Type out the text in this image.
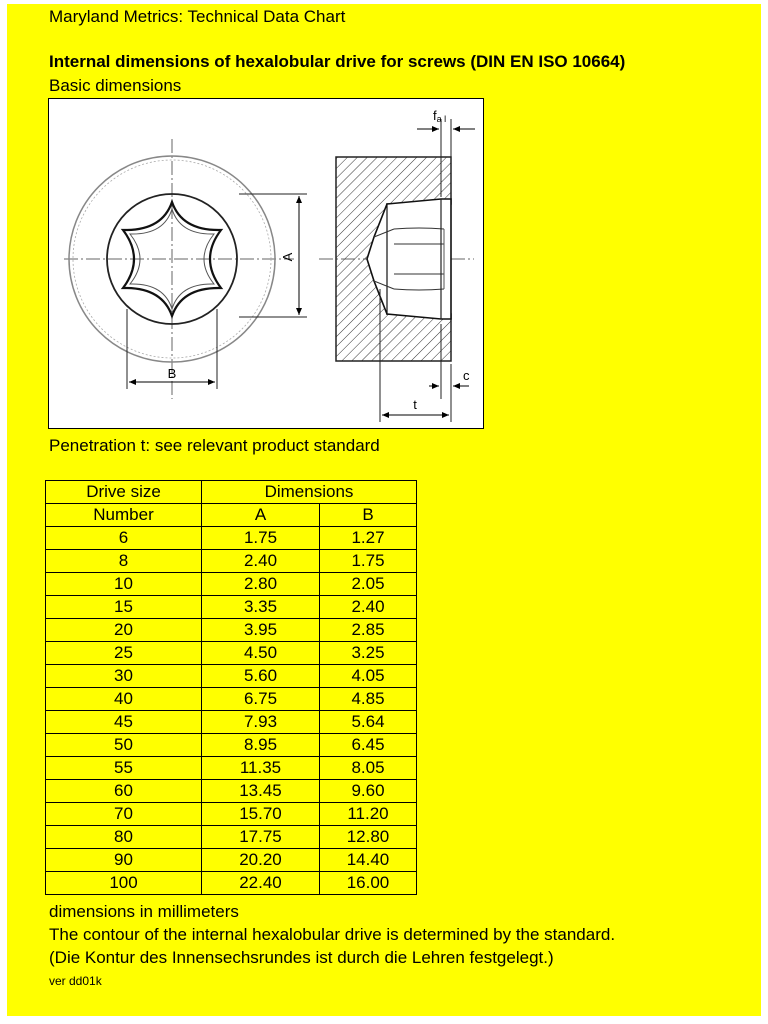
Maryland Metrics: Technical Data Chart
Internal dimensions of hexalobular drive for screws (DIN EN ISO 10664)
Basic dimensions
A
B
fa l
c
t
Penetration t: see relevant product standard
Drive size	Dimensions	
Number	A	B
6	1.75	1.27
8	2.40	1.75
10	2.80	2.05
15	3.35	2.40
20	3.95	2.85
25	4.50	3.25
30	5.60	4.05
40	6.75	4.85
45	7.93	5.64
50	8.95	6.45
55	11.35	8.05
60	13.45	9.60
70	15.70	11.20
80	17.75	12.80
90	20.20	14.40
100	22.40	16.00
dimensions in millimeters
The contour of the internal hexalobular drive is determined by the standard.
(Die Kontur des Innensechsrundes ist durch die Lehren festgelegt.)
ver dd01k
